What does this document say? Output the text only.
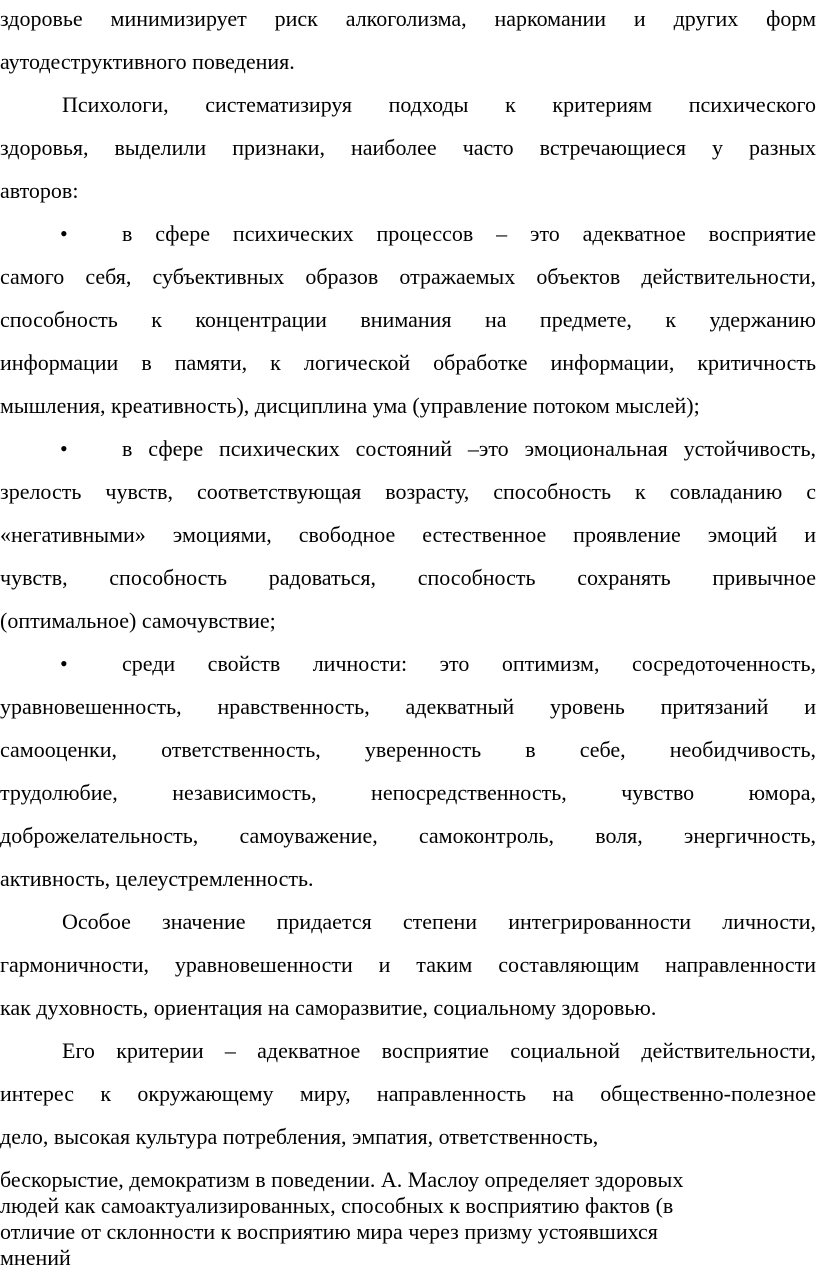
здоровье минимизирует риск алкоголизма, наркомании и других форм
аутодеструктивного поведения.
Психологи, систематизируя подходы к критериям психического
здоровья, выделили признаки, наиболее часто встречающиеся у разных
авторов:
• в сфере психических процессов – это адекватное восприятие
самого себя, субъективных образов отражаемых объектов действительности,
способность к концентрации внимания на предмете, к удержанию
информации в памяти, к логической обработке информации, критичность
мышления, креативность), дисциплина ума (управление потоком мыслей);
• в сфере психических состояний –это эмоциональная устойчивость,
зрелость чувств, соответствующая возрасту, способность к совладанию с
«негативными» эмоциями, свободное естественное проявление эмоций и
чувств, способность радоваться, способность сохранять привычное
(оптимальное) самочувствие;
• среди свойств личности: это оптимизм, сосредоточенность,
уравновешенность, нравственность, адекватный уровень притязаний и
самооценки, ответственность, уверенность в себе, необидчивость,
трудолюбие, независимость, непосредственность, чувство юмора,
доброжелательность, самоуважение, самоконтроль, воля, энергичность,
активность, целеустремленность.
Особое значение придается степени интегрированности личности,
гармоничности, уравновешенности и таким составляющим направленности
как духовность, ориентация на саморазвитие, социальному здоровью.
Его критерии – адекватное восприятие социальной действительности,
интерес к окружающему миру, направленность на общественно-полезное
дело, высокая культура потребления, эмпатия, ответственность,
бескорыстие, демократизм в поведении. А. Маслоу определяет здоровых
людей как самоактуализированных, способных к восприятию фактов (в
отличие от склонности к восприятию мира через призму устоявшихся
мнений
